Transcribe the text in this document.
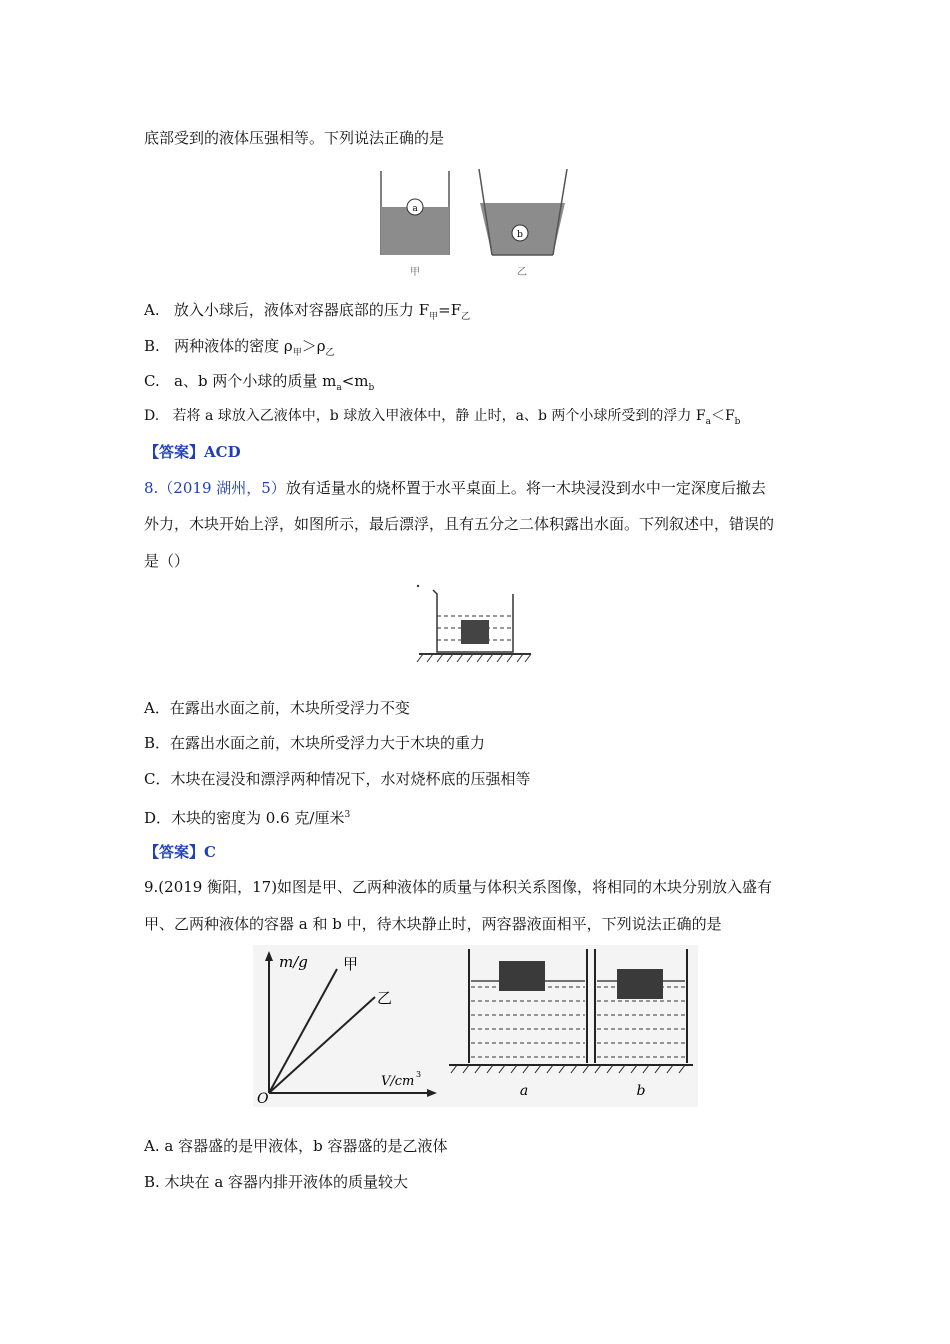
底部受到的液体压强相等。下列说法正确的是
a
b
甲	乙
A. 放入小球后，液体对容器底部的压力 $F_甲=F_乙$
B. 两种液体的密度 $\rho_甲>\rho_乙$
C. a、b 两个小球的质量 $m_a<m_b$
D. 若将 a 球放入乙液体中，b 球放入甲液体中，静 止时，a、b 两个小球所受到的浮力 $F_a<F_b$
【答案】ACD
8.（2019 湖州，5）放有适量水的烧杯置于水平桌面上。将一木块浸没到水中一定深度后撤去
外力，木块开始上浮，如图所示，最后漂浮，且有五分之二体积露出水面。下列叙述中，错误的
是（）
A．在露出水面之前，木块所受浮力不变
B．在露出水面之前，木块所受浮力大于木块的重力
C．木块在浸没和漂浮两种情况下，水对烧杯底的压强相等
D．木块的密度为 0.6 克/厘米$^3$
【答案】C
9.(2019 衡阳，17)如图是甲、乙两种液体的质量与体积关系图像，将相同的木块分别放入盛有
甲、乙两种液体的容器 a 和 b 中，待木块静止时，两容器液面相平，下列说法正确的是
m/g 甲
乙
V/cm 3
O	a	b
A. a 容器盛的是甲液体，b 容器盛的是乙液体
B. 木块在 a 容器内排开液体的质量较大
